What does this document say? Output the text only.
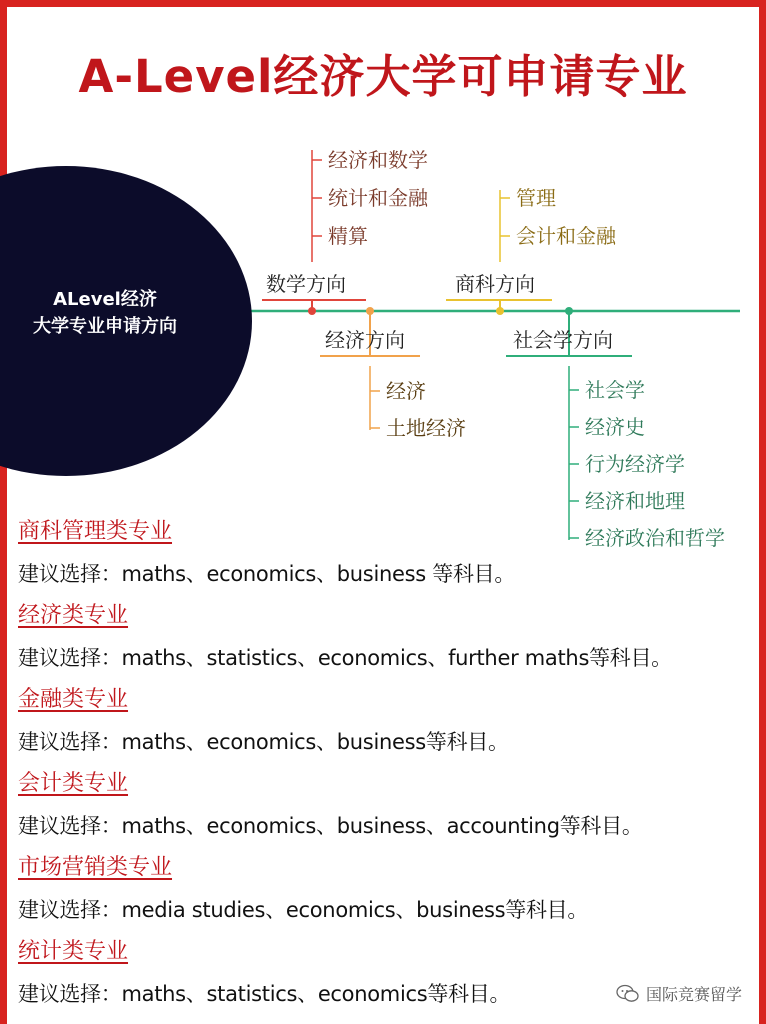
A-Level经济大学可申请专业
ALevel经济
大学专业申请方向
数学方向	商科方向
经济方向	社会学方向
经济和数学
统计和金融
精算
管理
会计和金融
经济
土地经济
社会学
经济史
行为经济学
经济和地理
经济政治和哲学
商科管理类专业
建议选择：maths、economics、business 等科目。
经济类专业
建议选择：maths、statistics、economics、further maths等科目。
金融类专业
建议选择：maths、economics、business等科目。
会计类专业
建议选择：maths、economics、business、accounting等科目。
市场营销类专业
建议选择：media studies、economics、business等科目。
统计类专业
建议选择：maths、statistics、economics等科目。	国际竞赛留学
